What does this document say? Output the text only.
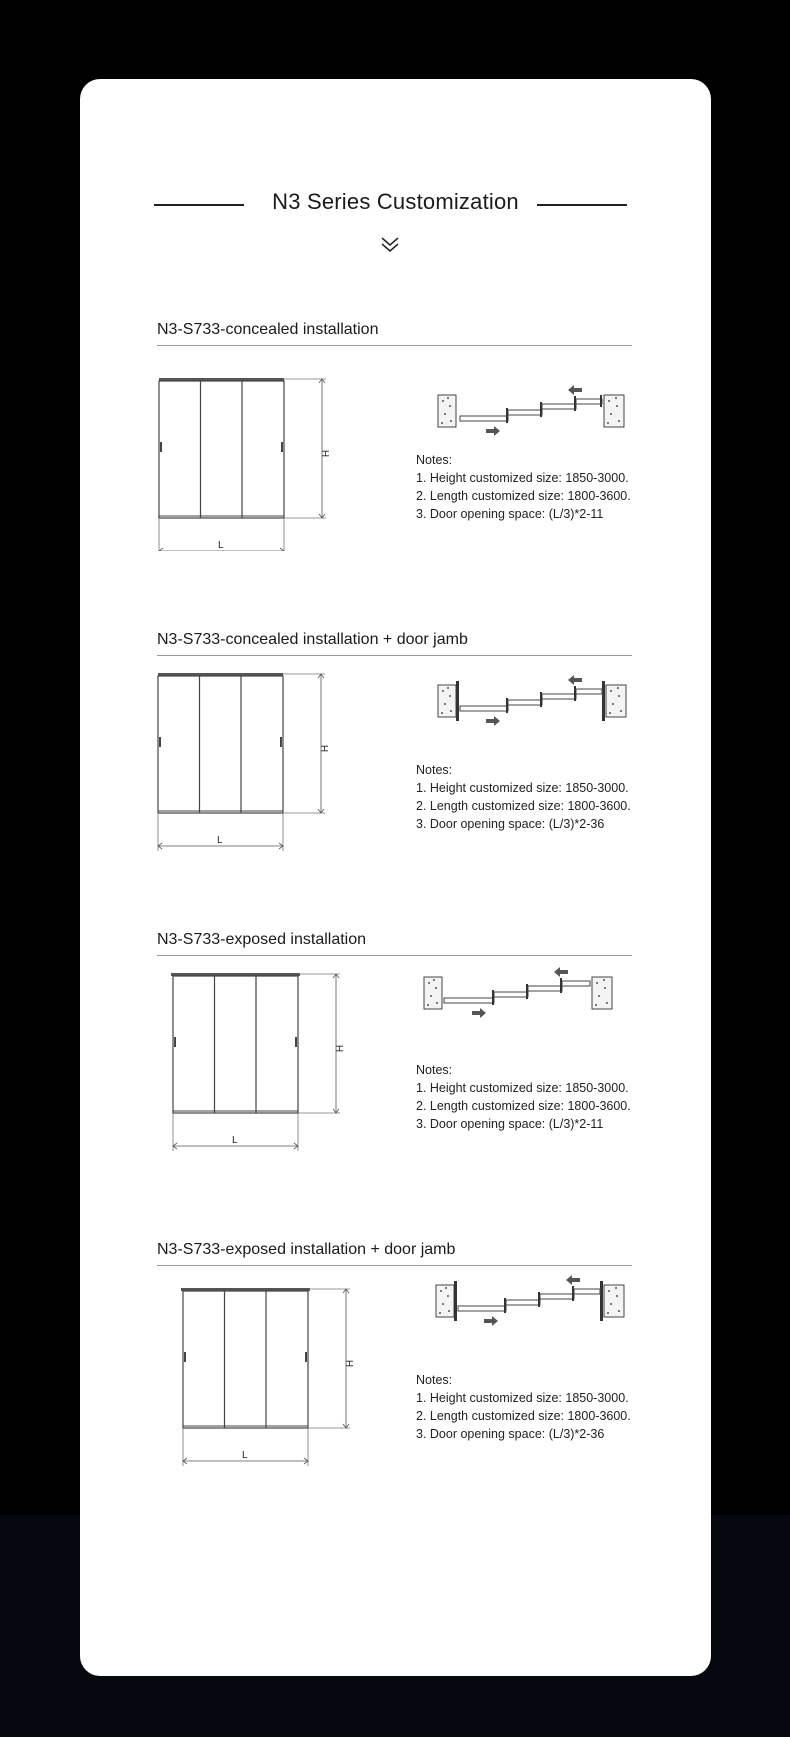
N3 Series Customization
N3-S733-concealed installation
H
L
Notes:
1. Height customized size: 1850-3000.
2. Length customized size: 1800-3600.
3. Door opening space: (L/3)*2-11
N3-S733-concealed installation + door jamb
H
L
Notes:
1. Height customized size: 1850-3000.
2. Length customized size: 1800-3600.
3. Door opening space: (L/3)*2-36
N3-S733-exposed installation
H
L
Notes:
1. Height customized size: 1850-3000.
2. Length customized size: 1800-3600.
3. Door opening space: (L/3)*2-11
N3-S733-exposed installation + door jamb
H
L
Notes:
1. Height customized size: 1850-3000.
2. Length customized size: 1800-3600.
3. Door opening space: (L/3)*2-36
